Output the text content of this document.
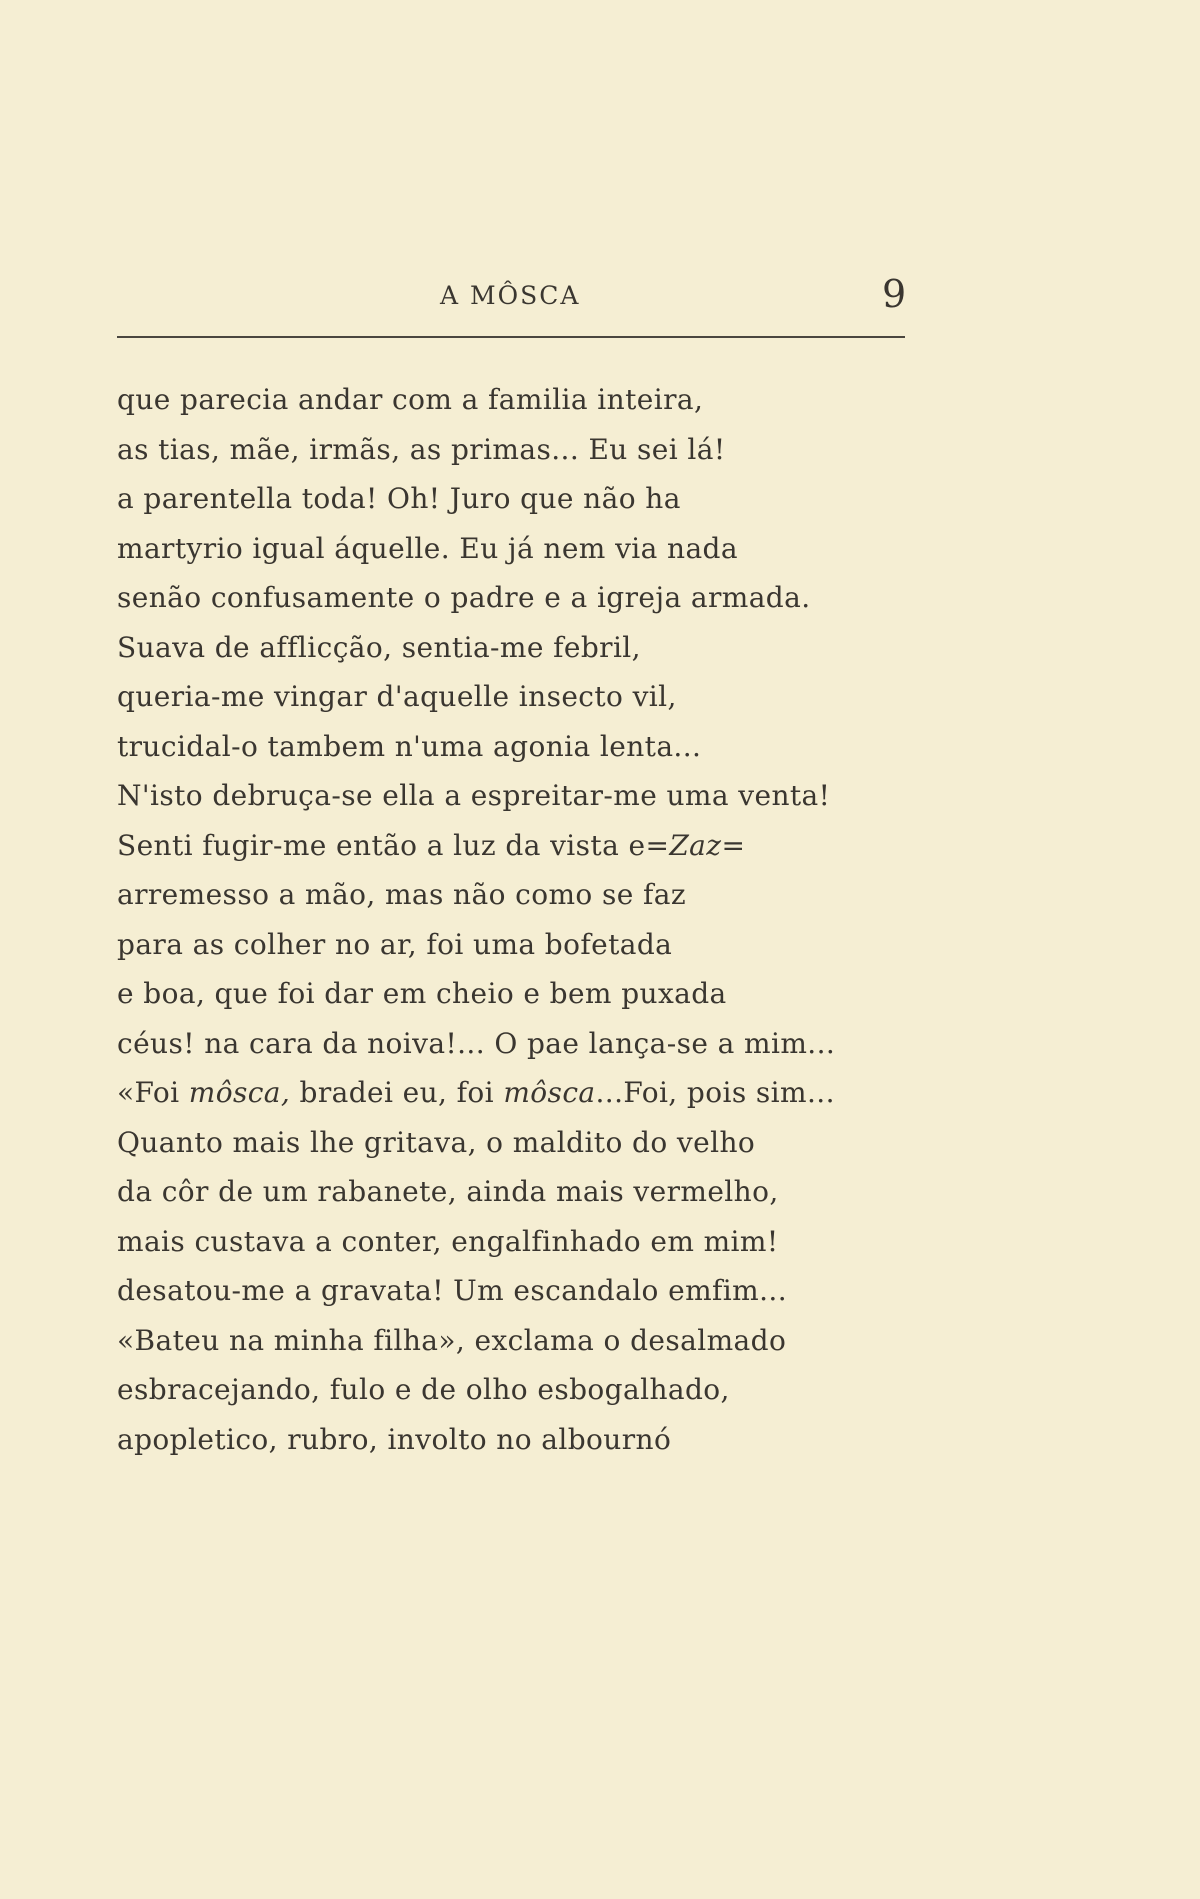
A MÔSCA	9
que parecia andar com a familia inteira,
as tias, mãe, irmãs, as primas... Eu sei lá!
a parentella toda! Oh! Juro que não ha
martyrio igual áquelle. Eu já nem via nada
senão confusamente o padre e a igreja armada.
Suava de afflicção, sentia-me febril,
queria-me vingar d'aquelle insecto vil,
trucidal-o tambem n'uma agonia lenta...
N'isto debruça-se ella a espreitar-me uma venta!
Senti fugir-me então a luz da vista e=Zaz=
arremesso a mão, mas não como se faz
para as colher no ar, foi uma bofetada
e boa, que foi dar em cheio e bem puxada
céus! na cara da noiva!... O pae lança-se a mim...
«Foi môsca, bradei eu, foi môsca...Foi, pois sim...
Quanto mais lhe gritava, o maldito do velho
da côr de um rabanete, ainda mais vermelho,
mais custava a conter, engalfinhado em mim!
desatou-me a gravata! Um escandalo emfim...
«Bateu na minha filha», exclama o desalmado
esbracejando, fulo e de olho esbogalhado,
apopletico, rubro, involto no albournó
